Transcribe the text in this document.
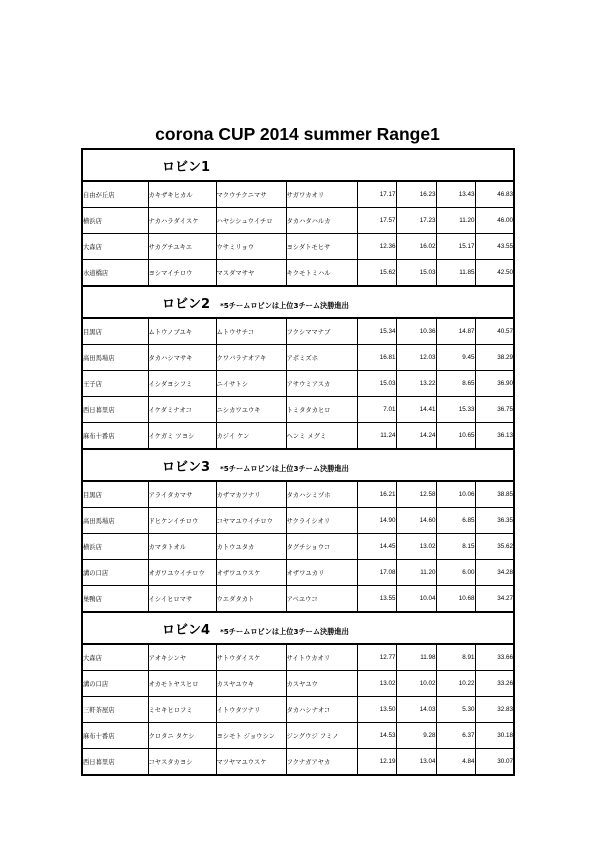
corona CUP 2014 summer Range1
ロビン1							
自由が丘店	カキザキヒカル	マクウチクニマサ	サガワカオリ	17.17	16.23	13.43	46.83
横浜店	ナカハラダイスケ	ハヤシシュウイチロ	タカハタハルカ	17.57	17.23	11.20	46.00
大森店	サカグチユキエ	ウサミリョウ	ヨシダトモヒサ	12.36	16.02	15.17	43.55
水道橋店	ヨシマイチロウ	マスダマサヤ	キクモトミハル	15.62	15.03	11.85	42.50
ロビン2 *5チームロビンは上位3チーム決勝進出							
目黒店	ムトウノブユキ	ムトウサチコ	フクシママナブ	15.34	10.36	14.87	40.57
高田馬場店	タカハシマサキ	クワバラナオアキ	アボミズホ	16.81	12.03	9.45	38.29
王子店	イシダヨシフミ	ニイサトシ	アサウミアスカ	15.03	13.22	8.65	36.90
西日暮里店	イケダミナオコ	ニシカワユウキ	トミタタカヒロ	7.01	14.41	15.33	36.75
麻布十番店	イケガミ ツヨシ	カジイ ケン	ヘンミ メグミ	11.24	14.24	10.65	36.13
ロビン3 *5チームロビンは上位3チーム決勝進出							
目黒店	アライタカマサ	カザマカツナリ	タカハシミヅホ	16.21	12.58	10.06	38.85
高田馬場店	ドヒケンイチロウ	コヤマユウイチロウ	サクライシオリ	14.90	14.60	6.85	36.35
横浜店	カマタトオル	カトウユタカ	タグチショウコ	14.45	13.02	8.15	35.62
溝の口店	オガワユウイチロウ	オザワユウスケ	オザワユカリ	17.08	11.20	6.00	34.28
巣鴨店	イシイヒロマサ	ウエダタカト	アベユウコ	13.55	10.04	10.68	34.27
ロビン4 *5チームロビンは上位3チーム決勝進出							
大森店	アオキシンヤ	サトウダイスケ	サイトウカオリ	12.77	11.98	8.91	33.66
溝の口店	オカモトヤスヒロ	カスヤユウキ	カスヤユウ	13.02	10.02	10.22	33.26
三軒茶屋店	ミセキヒロフミ	イトウタツナリ	タカハシナオコ	13.50	14.03	5.30	32.83
麻布十番店	クロタニ タケシ	ヨシモト ジョウシン	ジングウジ フミノ	14.53	9.28	6.37	30.18
西日暮里店	コヤスタカヨシ	マツヤマユウスケ	フクナガアヤカ	12.19	13.04	4.84	30.07
